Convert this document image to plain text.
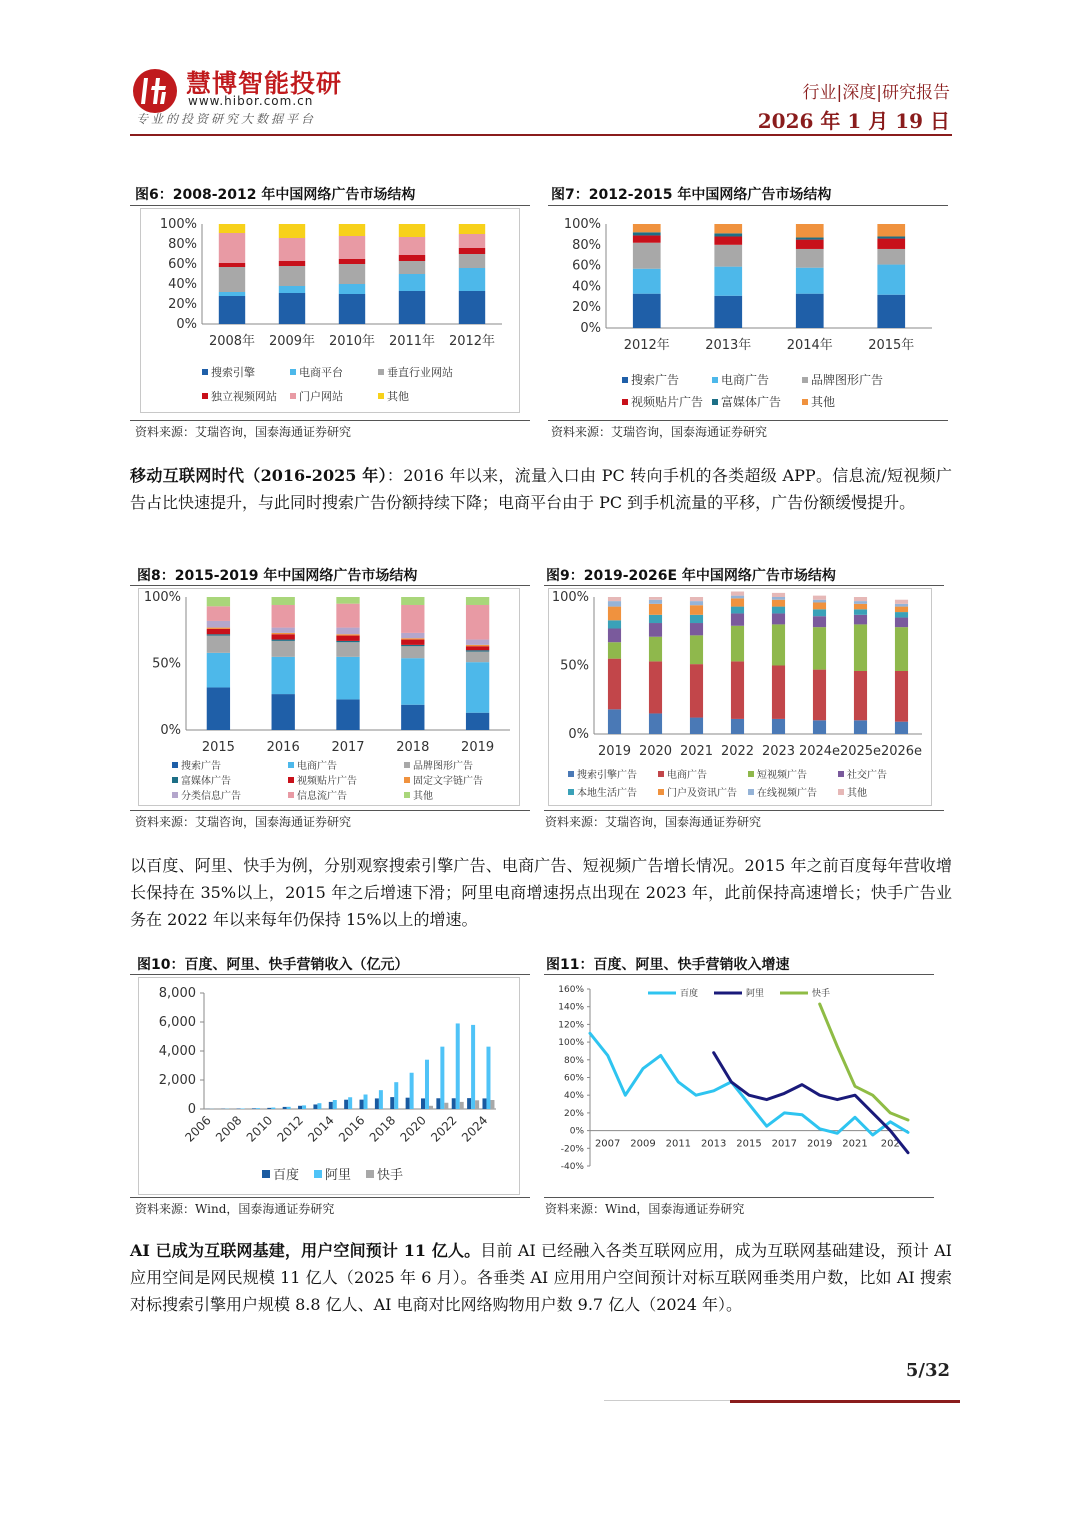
慧博智能投研
www.hibor.com.cn
专业的投资研究大数据平台
行业|深度|研究报告
2026 年 1 月 19 日
图6：2008-2012 年中国网络广告市场结构
100%
80%
60%
40%
20%
0%
2008年 2009年 2010年 2011年 2012年
搜索引擎	电商平台	垂直行业网站
独立视频网站 门户网站	其他
资料来源：艾瑞咨询，国泰海通证券研究
图7：2012-2015 年中国网络广告市场结构
100%
80%
60%
40%
20%
0%
2012年	2013年	2014年	2015年
搜索广告	电商广告	品牌图形广告
视频贴片广告 富媒体广告 其他
资料来源：艾瑞咨询，国泰海通证券研究
移动互联网时代（2016-2025 年）：2016 年以来，流量入口由 PC 转向手机的各类超级 APP。信息流/短视频广告占比快速提升，与此同时搜索广告份额持续下降；电商平台由于 PC 到手机流量的平移，广告份额缓慢提升。
图8：2015-2019 年中国网络广告市场结构
100%
50%
0%
2015 2016 2017 2018 2019
搜索广告	电商广告	品牌图形广告
富媒体广告	视频贴片广告	固定文字链广告
分类信息广告	信息流广告	其他
资料来源：艾瑞咨询，国泰海通证券研究
图9：2019-2026E 年中国网络广告市场结构
100%
50%
0%
2019 2020 2021 2022 2023 2024e 2025e 2026e
搜索引擎广告	电商广告	短视频广告	社交广告
本地生活广告	门户及资讯广告 在线视频广告	其他
资料来源：艾瑞咨询，国泰海通证券研究
以百度、阿里、快手为例，分别观察搜索引擎广告、电商广告、短视频广告增长情况。2015 年之前百度每年营收增长保持在 35%以上，2015 年之后增速下滑；阿里电商增速拐点出现在 2023 年，此前保持高速增长；快手广告业务在 2022 年以来每年仍保持 15%以上的增速。
图10：百度、阿里、快手营销收入（亿元）
8,000
6,000
4,000
2,000
0
2006 2008 2010 2012 2014 2016 2018 2020 2022 2024
百度 阿里 快手
资料来源：Wind，国泰海通证券研究
图11：百度、阿里、快手营销收入增速
160%
140%
120%
100%
80%
60%
40%
20%
0%
-20%
-40%
2007 2009 2011 2013 2015 2017 2019 2021 202
百度	阿里	快手
资料来源：Wind，国泰海通证券研究
AI 已成为互联网基建，用户空间预计 11 亿人。目前 AI 已经融入各类互联网应用，成为互联网基础建设，预计 AI 应用空间是网民规模 11 亿人（2025 年 6 月）。各垂类 AI 应用用户空间预计对标互联网垂类用户数，比如 AI 搜索对标搜索引擎用户规模 8.8 亿人、AI 电商对比网络购物用户数 9.7 亿人（2024 年）。
5/32
